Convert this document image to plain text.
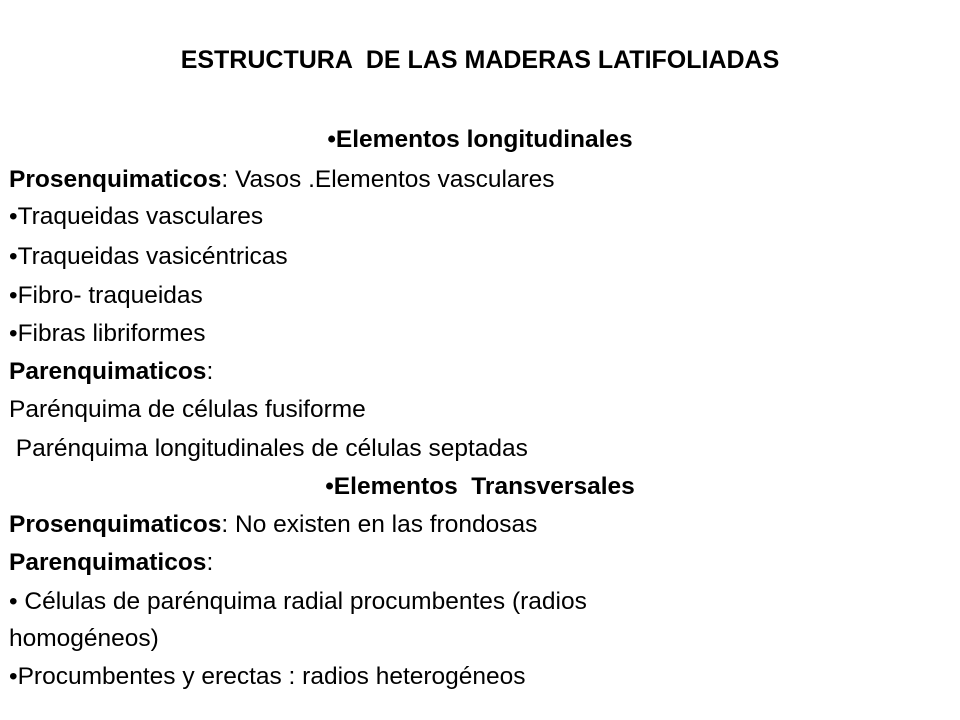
ESTRUCTURA  DE LAS MADERAS LATIFOLIADAS
•Elementos longitudinales
Prosenquimaticos: Vasos .Elementos vasculares
•Traqueidas vasculares
•Traqueidas vasicéntricas
•Fibro- traqueidas
•Fibras libriformes
Parenquimaticos:
Parénquima de células fusiforme
Parénquima longitudinales de células septadas
•Elementos  Transversales
Prosenquimaticos: No existen en las frondosas
Parenquimaticos:
• Células de parénquima radial procumbentes (radios
homogéneos)
•Procumbentes y erectas : radios heterogéneos
